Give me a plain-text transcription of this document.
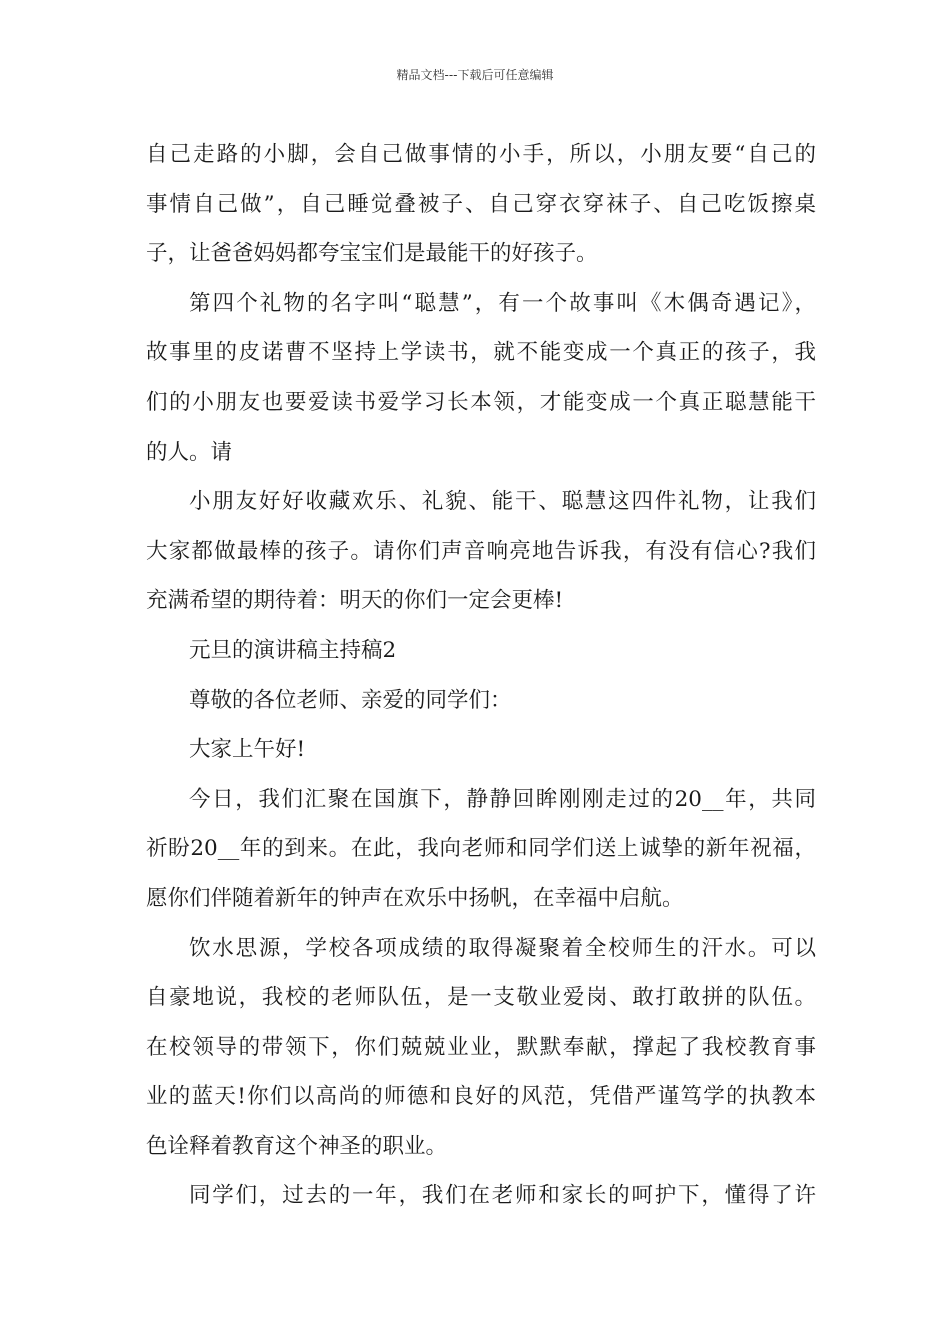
精品文档---下载后可任意编辑
自己走路的小脚，会自己做事情的小手，所以，小朋友要“自己的
事情自己做”，自己睡觉叠被子、自己穿衣穿袜子、自己吃饭擦桌
子，让爸爸妈妈都夸宝宝们是最能干的好孩子。
第四个礼物的名字叫“聪慧”，有一个故事叫《木偶奇遇记》，
故事里的皮诺曹不坚持上学读书，就不能变成一个真正的孩子，我
们的小朋友也要爱读书爱学习长本领，才能变成一个真正聪慧能干
的人。请
小朋友好好收藏欢乐、礼貌、能干、聪慧这四件礼物，让我们
大家都做最棒的孩子。请你们声音响亮地告诉我，有没有信心?我们
充满希望的期待着：明天的你们一定会更棒!
元旦的演讲稿主持稿2
尊敬的各位老师、亲爱的同学们：
大家上午好!
今日，我们汇聚在国旗下，静静回眸刚刚走过的20__年，共同
祈盼20__年的到来。在此，我向老师和同学们送上诚挚的新年祝福，
愿你们伴随着新年的钟声在欢乐中扬帆，在幸福中启航。
饮水思源，学校各项成绩的取得凝聚着全校师生的汗水。可以
自豪地说，我校的老师队伍，是一支敬业爱岗、敢打敢拼的队伍。
在校领导的带领下，你们兢兢业业，默默奉献，撑起了我校教育事
业的蓝天!你们以高尚的师德和良好的风范，凭借严谨笃学的执教本
色诠释着教育这个神圣的职业。
同学们，过去的一年，我们在老师和家长的呵护下，懂得了许
